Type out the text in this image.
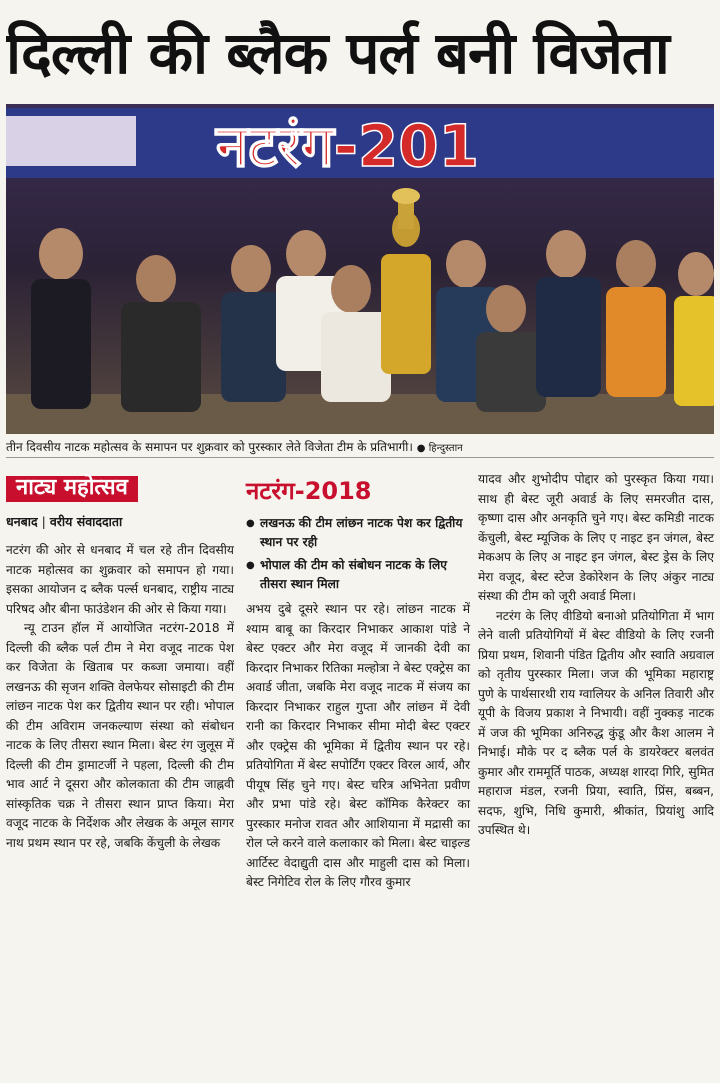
दिल्ली की ब्लैक पर्ल बनी विजेता
नटरंग-201
तीन दिवसीय नाटक महोत्सव के समापन पर शुक्रवार को पुरस्कार लेते विजेता टीम के प्रतिभागी। ● हिन्दुस्तान
नाट्य महोत्सव
धनबाद | वरीय संवाददाता

नटरंग की ओर से धनबाद में चल रहे तीन दिवसीय नाटक महोत्सव का शुक्रवार को समापन हो गया। इसका आयोजन द ब्लैक पर्ल्स धनबाद, राष्ट्रीय नाट्य परिषद और बीना फाउंडेशन की ओर से किया गया।

न्यू टाउन हॉल में आयोजित नटरंग-2018 में दिल्ली की ब्लैक पर्ल टीम ने मेरा वजूद नाटक पेश कर विजेता के खिताब पर कब्जा जमाया। वहीं लखनऊ की सृजन शक्ति वेलफेयर सोसाइटी की टीम लांछन नाटक पेश कर द्वितीय स्थान पर रही। भोपाल की टीम अविराम जनकल्याण संस्था को संबोधन नाटक के लिए तीसरा स्थान मिला। बेस्ट रंग जुलूस में दिल्ली की टीम ड्रामाटर्जी ने पहला, दिल्ली की टीम भाव आर्ट ने दूसरा और कोलकाता की टीम जाह्नवी सांस्कृतिक चक्र ने तीसरा स्थान प्राप्त किया। मेरा वजूद नाटक के निर्देशक और लेखक के अमूल सागर नाथ प्रथम स्थान पर रहे, जबकि केंचुली के लेखक

नटरंग-2018
● लखनऊ की टीम लांछन नाटक पेश कर द्वितीय स्थान पर रही
● भोपाल की टीम को संबोधन नाटक के लिए तीसरा स्थान मिला

अभय दुबे दूसरे स्थान पर रहे। लांछन नाटक में श्याम बाबू का किरदार निभाकर आकाश पांडे ने बेस्ट एक्टर और मेरा वजूद में जानकी देवी का किरदार निभाकर रितिका मल्होत्रा ने बेस्ट एक्ट्रेस का अवार्ड जीता, जबकि मेरा वजूद नाटक में संजय का किरदार निभाकर राहुल गुप्ता और लांछन में देवी रानी का किरदार निभाकर सीमा मोदी बेस्ट एक्टर और एक्ट्रेस की भूमिका में द्वितीय स्थान पर रहे। प्रतियोगिता में बेस्ट सपोर्टिंग एक्टर विरल आर्य, और पीयूष सिंह चुने गए। बेस्ट चरित्र अभिनेता प्रवीण और प्रभा पांडे रहे। बेस्ट कॉमिक कैरेक्टर का पुरस्कार मनोज रावत और आशियाना में मद्रासी का रोल प्ले करने वाले कलाकार को मिला। बेस्ट चाइल्ड आर्टिस्ट वेदाद्युती दास और माहुली दास को मिला। बेस्ट निगेटिव रोल के लिए गौरव कुमार

यादव और शुभोदीप पोद्दार को पुरस्कृत किया गया। साथ ही बेस्ट जूरी अवार्ड के लिए समरजीत दास, कृष्णा दास और अनकृति चुने गए। बेस्ट कमिडी नाटक केंचुली, बेस्ट म्यूजिक के लिए ए नाइट इन जंगल, बेस्ट मेकअप के लिए अ नाइट इन जंगल, बेस्ट ड्रेस के लिए मेरा वजूद, बेस्ट स्टेज डेकोरेशन के लिए अंकुर नाट्य संस्था की टीम को जूरी अवार्ड मिला।

नटरंग के लिए वीडियो बनाओ प्रतियोगिता में भाग लेने वाली प्रतियोगियों में बेस्ट वीडियो के लिए रजनी प्रिया प्रथम, शिवानी पंडित द्वितीय और स्वाति अग्रवाल को तृतीय पुरस्कार मिला। जज की भूमिका महाराष्ट्र पुणे के पार्थसारथी राय ग्वालियर के अनिल तिवारी और यूपी के विजय प्रकाश ने निभायी। वहीं नुक्कड़ नाटक में जज की भूमिका अनिरुद्ध कुंडू और कैश आलम ने निभाई। मौके पर द ब्लैक पर्ल के डायरेक्टर बलवंत कुमार और राममूर्ति पाठक, अध्यक्ष शारदा गिरि, सुमित महाराज मंडल, रजनी प्रिया, स्वाति, प्रिंस, बब्बन, सदफ, शुभि, निधि कुमारी, श्रीकांत, प्रियांशु आदि उपस्थित थे।
